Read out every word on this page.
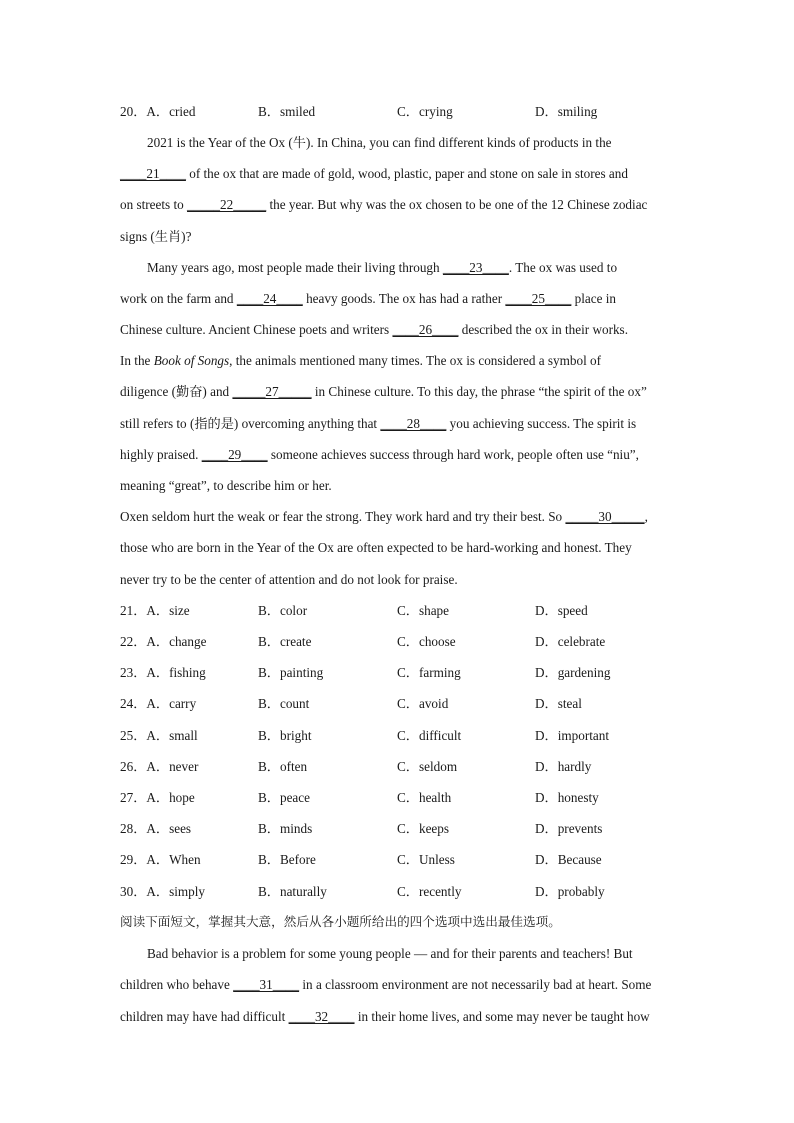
20．A．cried	B．smiled	C．crying	D．smiling
2021 is the Year of the Ox (牛). In China, you can find different kinds of products in the
____21____ of the ox that are made of gold, wood, plastic, paper and stone on sale in stores and
on streets to _____22_____ the year. But why was the ox chosen to be one of the 12 Chinese zodiac
signs (生肖)?
Many years ago, most people made their living through ____23____. The ox was used to
work on the farm and ____24____ heavy goods. The ox has had a rather ____25____ place in
Chinese culture. Ancient Chinese poets and writers ____26____ described the ox in their works.
In the Book of Songs, the animals mentioned many times. The ox is considered a symbol of
diligence (勤奋) and _____27_____ in Chinese culture. To this day, the phrase “the spirit of the ox”
still refers to (指的是) overcoming anything that ____28____ you achieving success. The spirit is
highly praised. ____29____ someone achieves success through hard work, people often use “niu”,
meaning “great”, to describe him or her.
Oxen seldom hurt the weak or fear the strong. They work hard and try their best. So _____30_____,
those who are born in the Year of the Ox are often expected to be hard-working and honest. They
never try to be the center of attention and do not look for praise.
21．A．size	B．color	C．shape	D．speed
22．A．change	B．create	C．choose	D．celebrate
23．A．fishing	B．painting	C．farming	D．gardening
24．A．carry	B．count	C．avoid	D．steal
25．A．small	B．bright	C．difficult	D．important
26．A．never	B．often	C．seldom	D．hardly
27．A．hope	B．peace	C．health	D．honesty
28．A．sees	B．minds	C．keeps	D．prevents
29．A．When	B．Before	C．Unless	D．Because
30．A．simply	B．naturally	C．recently	D．probably
阅读下面短文，掌握其大意，然后从各小题所给出的四个选项中选出最佳选项。
Bad behavior is a problem for some young people — and for their parents and teachers! But
children who behave ____31____ in a classroom environment are not necessarily bad at heart. Some
children may have had difficult ____32____ in their home lives, and some may never be taught how
